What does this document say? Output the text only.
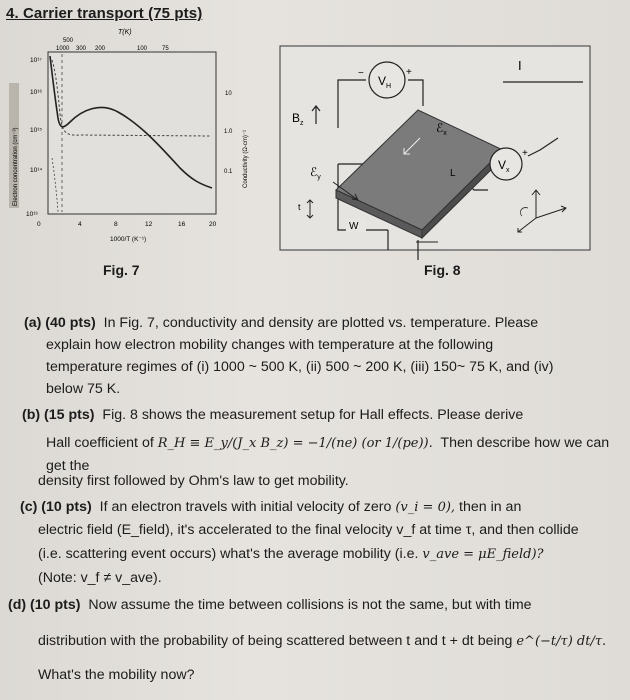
4. Carrier transport (75 pts)
T(K)
500
1000 300 200	100 75
10¹⁷
10¹⁶
10¹⁵
10¹⁴
10¹³
Electron concentration (cm⁻³)
10
1.0
0.1 Conductivity (Ω-cm)⁻¹
0	4	8	12	16	20
1000/T (K⁻¹)
$V_H$
−	+
$V_x$
+
I
$B_z$
ℰ$_y$
ℰ$_x$
t
W
L
Fig. 7	Fig. 8
(a) (40 pts) In Fig. 7, conductivity and density are plotted vs. temperature. Please
explain how electron mobility changes with temperature at the following
temperature regimes of (i) 1000 ~ 500 K, (ii) 500 ~ 200 K, (iii) 150~ 75 K, and (iv)
below 75 K.
(b) (15 pts) Fig. 8 shows the measurement setup for Hall effects. Please derive
Hall coefficient of R_H ≡ E_y/(J_x B_z) = −1/(ne) (or 1/(pe)). Then describe how we can get the
density first followed by Ohm's law to get mobility.
(c) (10 pts) If an electron travels with initial velocity of zero (v_i = 0), then in an
electric field (E_field), it's accelerated to the final velocity v_f at time τ, and then collide
(i.e. scattering event occurs) what's the average mobility (i.e. v_ave = μE_field)?
(Note: v_f ≠ v_ave).
(d) (10 pts) Now assume the time between collisions is not the same, but with time
distribution with the probability of being scattered between t and t + dt being e^(−t/τ) dt/τ.
What's the mobility now?
